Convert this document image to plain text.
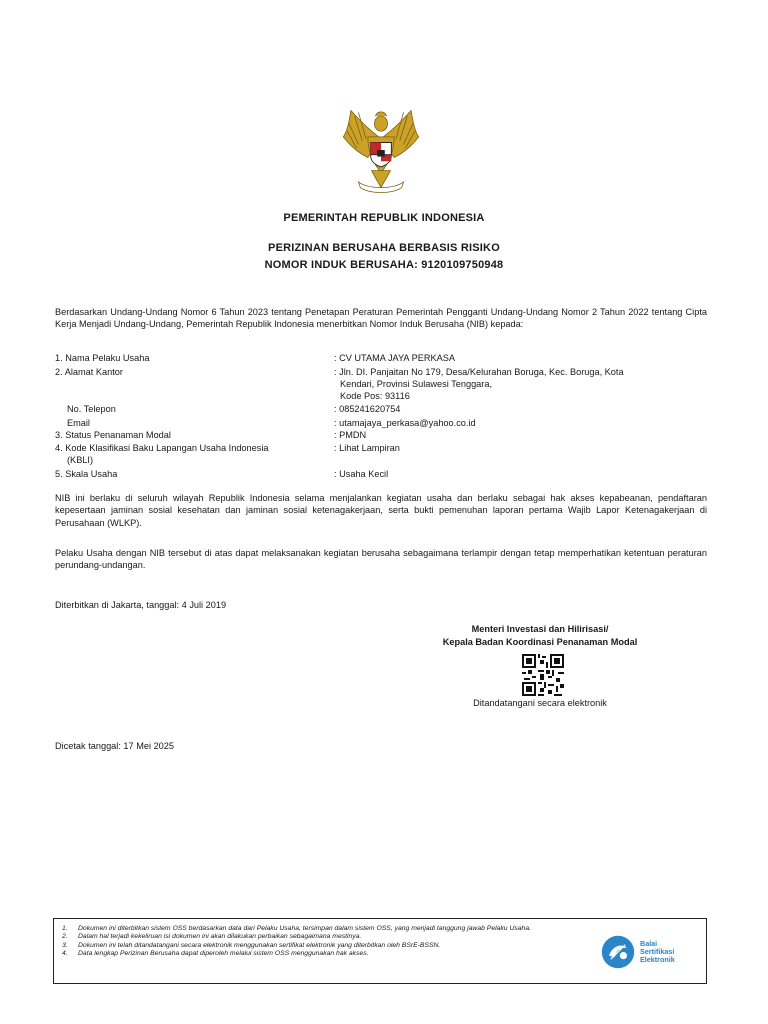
PEMERINTAH REPUBLIK INDONESIA
PERIZINAN BERUSAHA BERBASIS RISIKO
NOMOR INDUK BERUSAHA: 9120109750948
Berdasarkan Undang-Undang Nomor 6 Tahun 2023 tentang Penetapan Peraturan Pemerintah Pengganti Undang-Undang Nomor 2 Tahun 2022 tentang Cipta Kerja Menjadi Undang-Undang, Pemerintah Republik Indonesia menerbitkan Nomor Induk Berusaha (NIB) kepada:
1. Nama Pelaku Usaha	: CV UTAMA JAYA PERKASA
2. Alamat Kantor	: Jln. DI. Panjaitan No 179, Desa/Kelurahan Boruga, Kec. Boruga, Kota
Kendari, Provinsi Sulawesi Tenggara,
Kode Pos: 93116
No. Telepon	: 085241620754
Email	: utamajaya_perkasa@yahoo.co.id
3. Status Penanaman Modal	: PMDN
4. Kode Klasifikasi Baku Lapangan Usaha Indonesia
(KBLI)
: Lihat Lampiran
5. Skala Usaha	: Usaha Kecil
NIB ini berlaku di seluruh wilayah Republik Indonesia selama menjalankan kegiatan usaha dan berlaku sebagai hak akses kepabeanan, pendaftaran kepesertaan jaminan sosial kesehatan dan jaminan sosial ketenagakerjaan, serta bukti pemenuhan laporan pertama Wajib Lapor Ketenagakerjaan di Perusahaan (WLKP).
Pelaku Usaha dengan NIB tersebut di atas dapat melaksanakan kegiatan berusaha sebagaimana terlampir dengan tetap memperhatikan ketentuan peraturan perundang-undangan.
Diterbitkan di Jakarta, tanggal: 4 Juli 2019
Menteri Investasi dan Hilirisasi/
Kepala Badan Koordinasi Penanaman Modal
Ditandatangani secara elektronik
Dicetak tanggal: 17 Mei 2025
1.	Dokumen ini diterbitkan sistem OSS berdasarkan data dari Pelaku Usaha, tersimpan dalam sistem OSS, yang menjadi tanggung jawab Pelaku Usaha.
2.	Dalam hal terjadi kekeliruan isi dokumen ini akan dilakukan perbaikan sebagaimana mestinya.
3.	Dokumen ini telah ditandatangani secara elektronik menggunakan sertifikat elektronik yang diterbitkan oleh BSrE-BSSN.
4.	Data lengkap Perizinan Berusaha dapat diperoleh melalui sistem OSS menggunakan hak akses.
Balai
Sertifikasi
Elektronik
